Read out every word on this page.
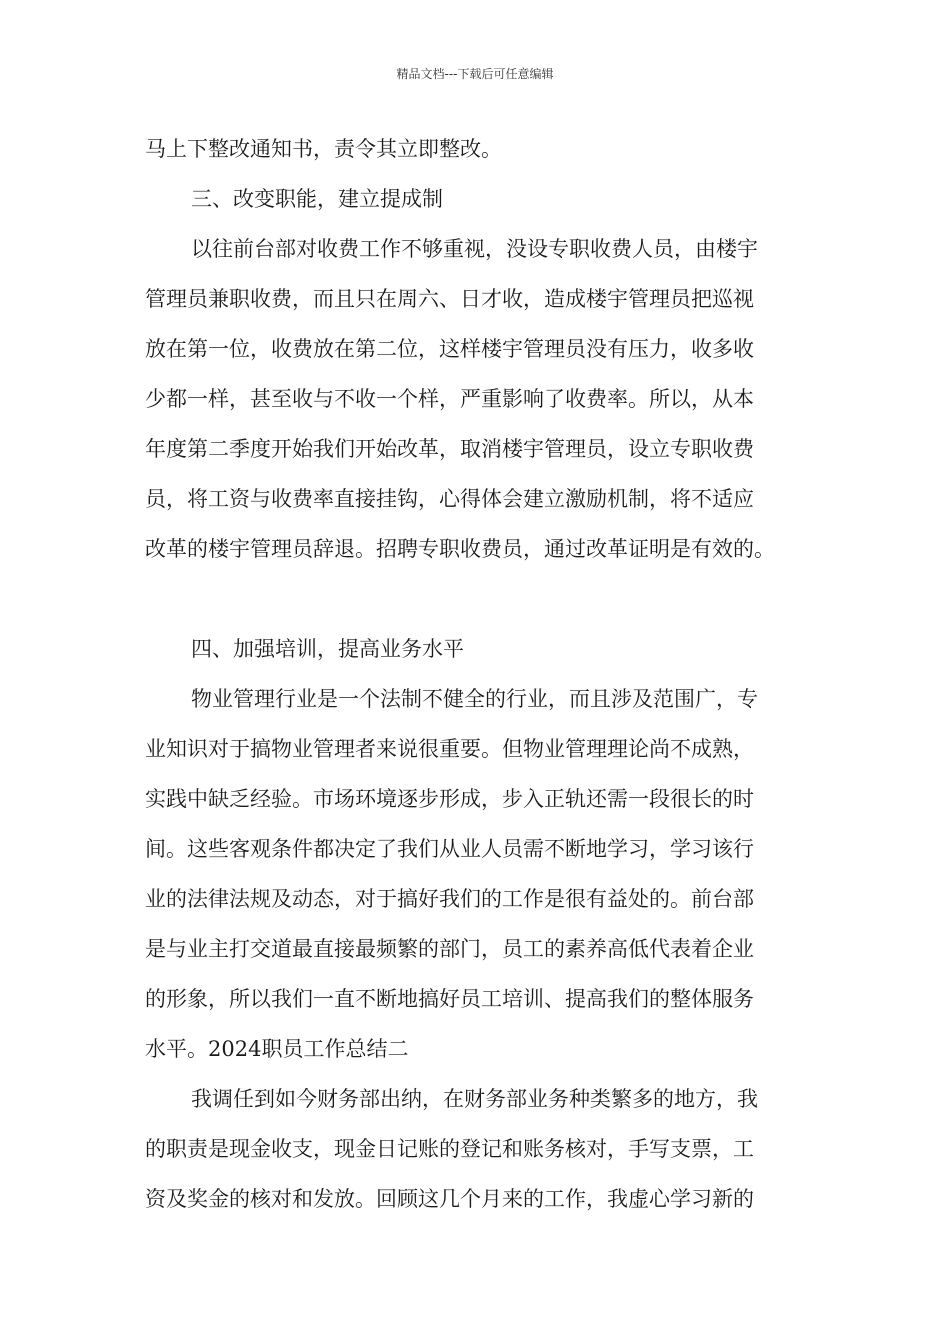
精品文档---下载后可任意编辑

马上下整改通知书，责令其立即整改。

三、改变职能，建立提成制

以往前台部对收费工作不够重视，没设专职收费人员，由楼宇

管理员兼职收费，而且只在周六、日才收，造成楼宇管理员把巡视

放在第一位，收费放在第二位，这样楼宇管理员没有压力，收多收

少都一样，甚至收与不收一个样，严重影响了收费率。所以，从本

年度第二季度开始我们开始改革，取消楼宇管理员，设立专职收费

员，将工资与收费率直接挂钩，心得体会建立激励机制，将不适应

改革的楼宇管理员辞退。招聘专职收费员，通过改革证明是有效的。

四、加强培训，提高业务水平

物业管理行业是一个法制不健全的行业，而且涉及范围广，专

业知识对于搞物业管理者来说很重要。但物业管理理论尚不成熟，

实践中缺乏经验。市场环境逐步形成，步入正轨还需一段很长的时

间。这些客观条件都决定了我们从业人员需不断地学习，学习该行

业的法律法规及动态，对于搞好我们的工作是很有益处的。前台部

是与业主打交道最直接最频繁的部门，员工的素养高低代表着企业

的形象，所以我们一直不断地搞好员工培训、提高我们的整体服务

水平。2024职员工作总结二

我调任到如今财务部出纳，在财务部业务种类繁多的地方，我

的职责是现金收支，现金日记账的登记和账务核对，手写支票，工

资及奖金的核对和发放。回顾这几个月来的工作，我虚心学习新的
